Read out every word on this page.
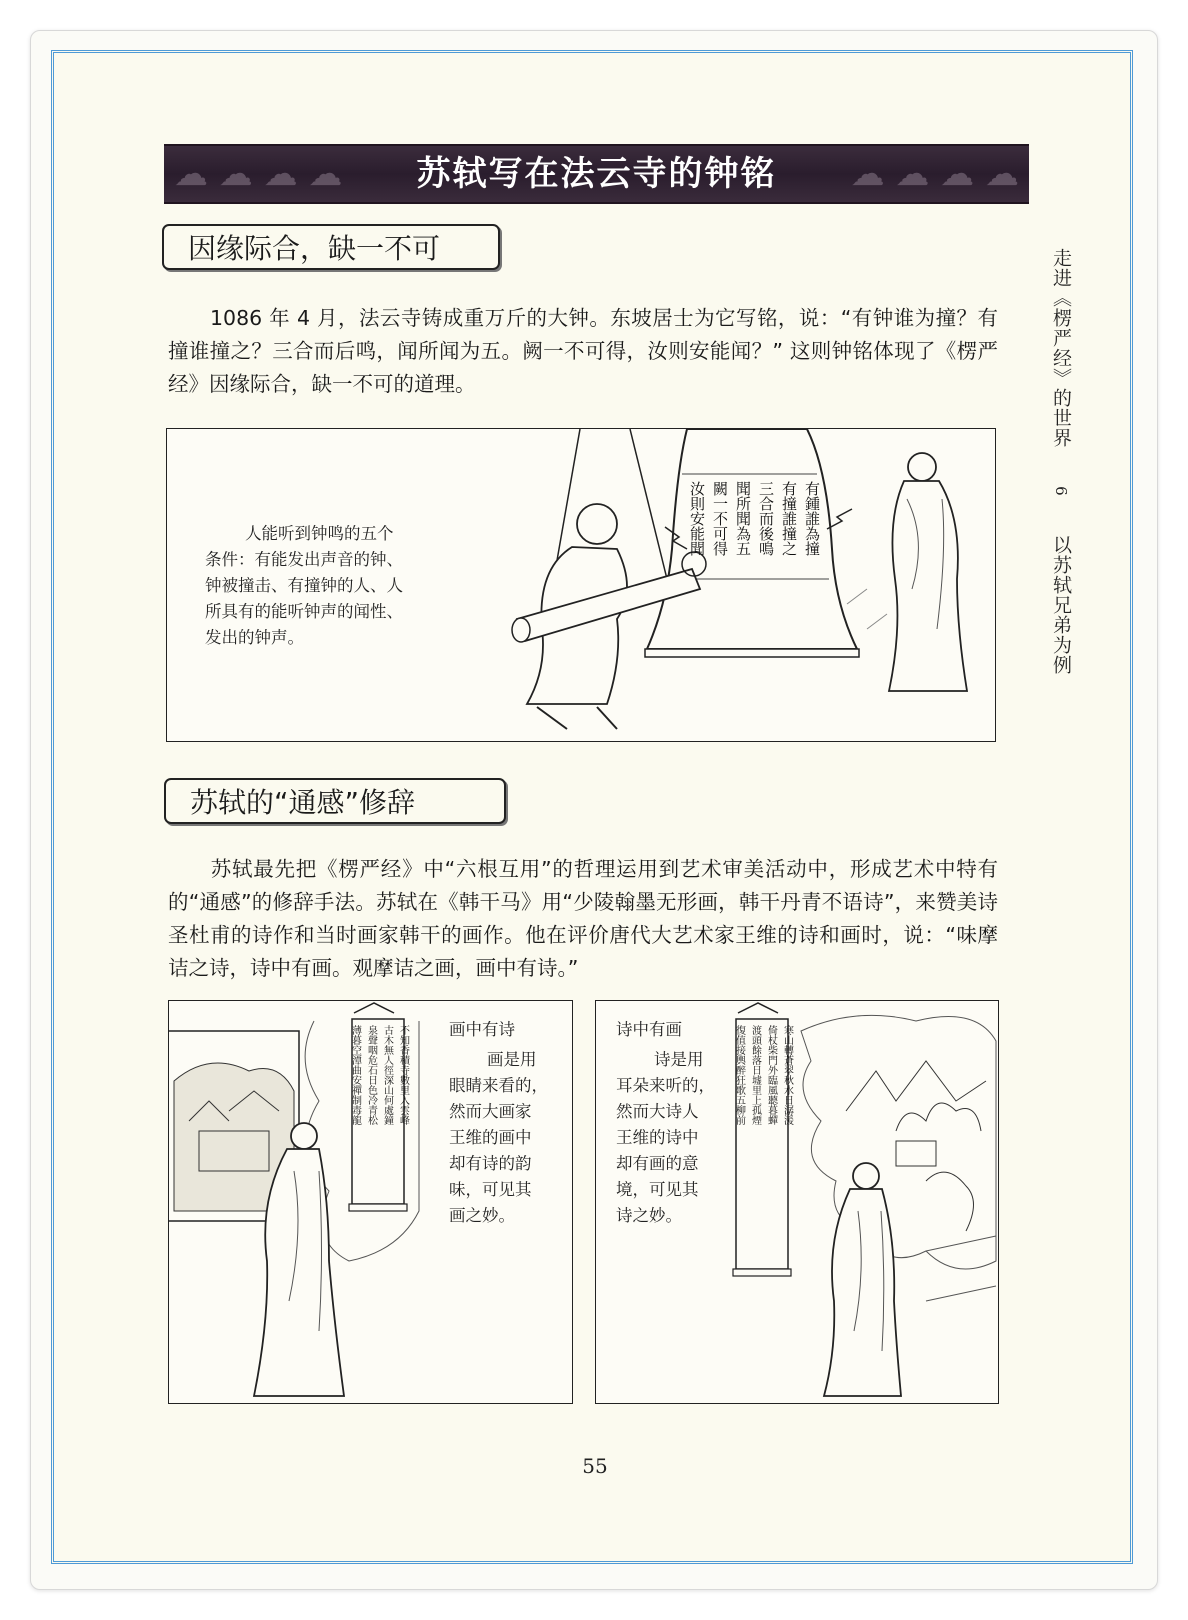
☁ ☁ ☁ ☁	☁ ☁ ☁ ☁
苏轼写在法云寺的钟铭
因缘际合，缺一不可
1086 年 4 月，法云寺铸成重万斤的大钟。东坡居士为它写铭，说：“有钟谁为撞？有撞谁撞之？三合而后鸣，闻所闻为五。阙一不可得，汝则安能闻？” 这则钟铭体现了《楞严经》因缘际合，缺一不可的道理。
人能听到钟鸣的五个
条件：有能发出声音的钟、
钟被撞击、有撞钟的人、人
所具有的能听钟声的闻性、
发出的钟声。
有鍾誰為撞
有撞誰撞之
三合而後鳴
聞所聞為五
闕一不可得
汝則安能聞
苏轼的“通感”修辞
苏轼最先把《楞严经》中“六根互用”的哲理运用到艺术审美活动中，形成艺术中特有的“通感”的修辞手法。苏轼在《韩干马》用“少陵翰墨无形画，韩干丹青不语诗”，来赞美诗圣杜甫的诗作和当时画家韩干的画作。他在评价唐代大艺术家王维的诗和画时，说：“味摩诘之诗，诗中有画。观摩诘之画，画中有诗。”
不知香積寺數里入雲峰
古木無人徑深山何處鐘
泉聲咽危石日色冷青松
薄暮空潭曲安禪制毒龍	画中有诗
画是用
眼睛来看的，
然而大画家
王维的画中
却有诗的韵
味，可见其
画之妙。
寒山轉蒼翠秋水日潺湲
倚杖柴門外臨風聽暮蟬
渡頭餘落日墟里上孤煙
復值接輿醉狂歌五柳前
诗中有画
诗是用
耳朵来听的，
然而大诗人
王维的诗中
却有画的意
境，可见其
诗之妙。
走进《楞严经》的世界  6  以苏轼兄弟为例
55
